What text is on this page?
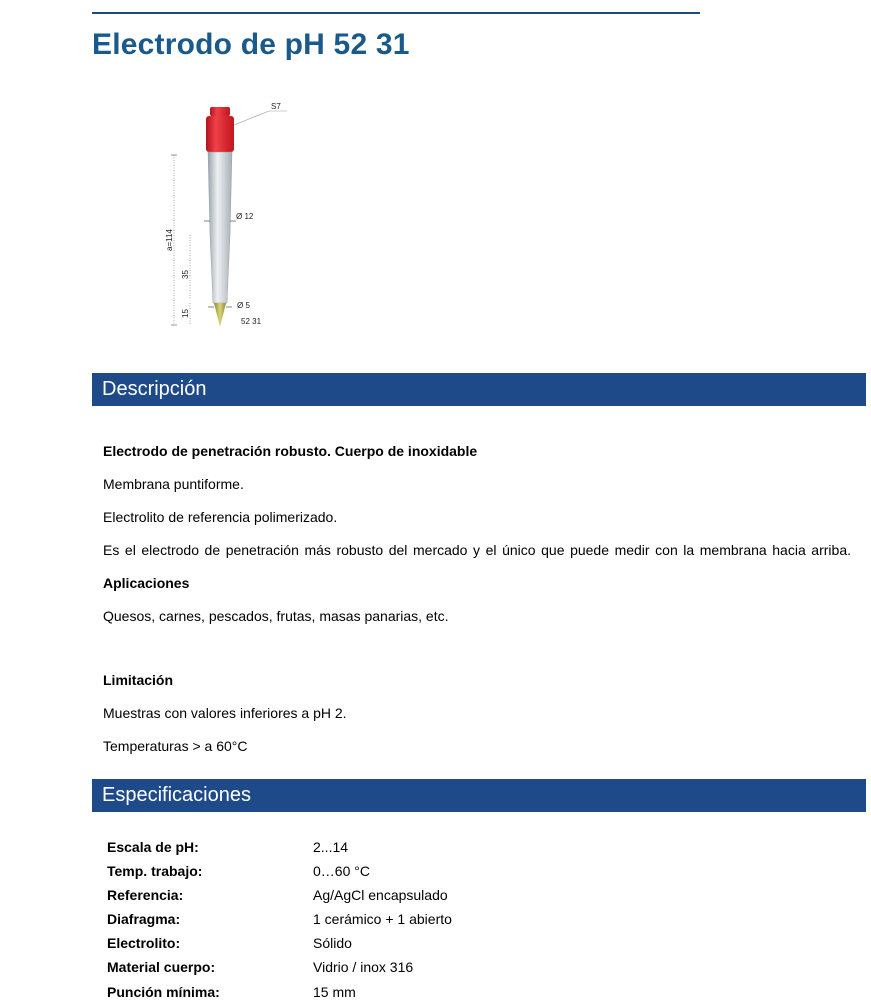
Electrodo de pH 52 31
S7
Ø 12
Ø 5
52 31
a=114
35
15
Descripción

Electrodo de penetración robusto. Cuerpo de inoxidable

Membrana puntiforme.

Electrolito de referencia polimerizado.

Es el electrodo de penetración más robusto del mercado y el único que puede medir con la membrana hacia arriba.

Aplicaciones

Quesos, carnes, pescados, frutas, masas panarias, etc.

Limitación

Muestras con valores inferiores a pH 2.

Temperaturas > a 60°C

Especificaciones
Escala de pH:	2...14
Temp. trabajo:	0…60 °C
Referencia:	Ag/AgCl encapsulado
Diafragma:	1 cerámico + 1 abierto
Electrolito:	Sólido
Material cuerpo:	Vidrio / inox 316
Punción mínima:	15 mm
